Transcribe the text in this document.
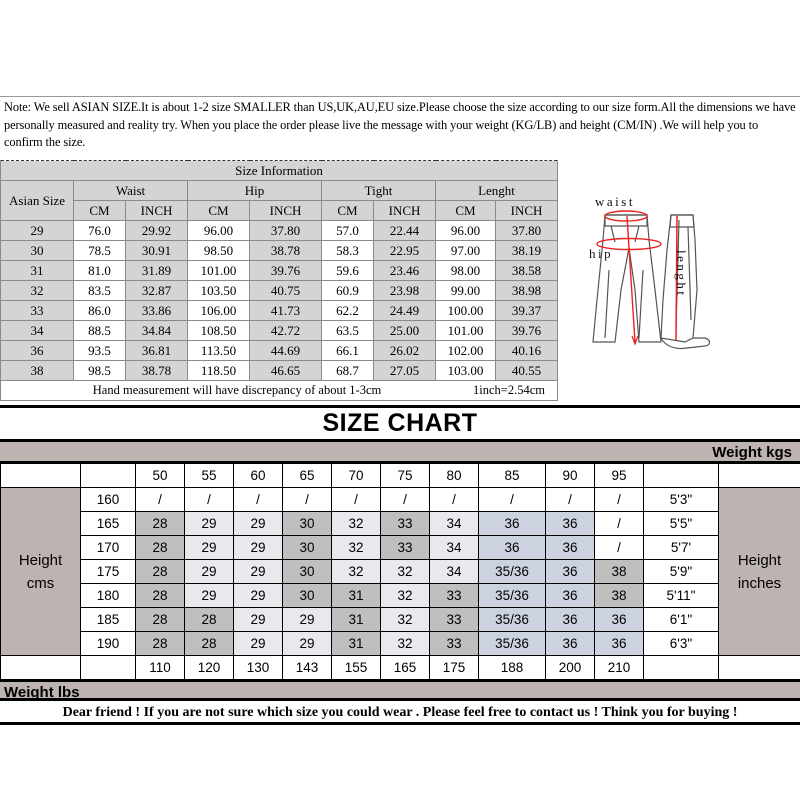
Note: We sell ASIAN SIZE.It is about 1-2 size SMALLER than US,UK,AU,EU size.Please choose the size according to our size form.All the dimensions we have personally measured and reality try. When you place the order please live the message with your weight (KG/LB) and height (CM/IN) .We will help you to confirm the size.
Size Information								
Asian Size	Waist		Hip		Tight		Lenght	
	CM	INCH	CM	INCH	CM	INCH	CM	INCH
29	76.0	29.92	96.00	37.80	57.0	22.44	96.00	37.80
30	78.5	30.91	98.50	38.78	58.3	22.95	97.00	38.19
31	81.0	31.89	101.00	39.76	59.6	23.46	98.00	38.58
32	83.5	32.87	103.50	40.75	60.9	23.98	99.00	38.98
33	86.0	33.86	106.00	41.73	62.2	24.49	100.00	39.37
34	88.5	34.84	108.50	42.72	63.5	25.00	101.00	39.76
36	93.5	36.81	113.50	44.69	66.1	26.02	102.00	40.16
38	98.5	38.78	118.50	46.65	68.7	27.05	103.00	40.55
Hand measurement will have discrepancy of about 1-3cm 1inch=2.54cm								
waist
hip	lenght
SIZE CHART
Weight kgs
		50	55	60	65	70	75	80	85	90	95		
Height
cms	160	/	/	/	/	/	/	/	/	/	/	5'3"	Height
inches
	165	28	29	29	30	32	33	34	36	36	/	5'5"	
	170	28	29	29	30	32	33	34	36	36	/	5'7'	
	175	28	29	29	30	32	32	34	35/36	36	38	5'9"	
	180	28	29	29	30	31	32	33	35/36	36	38	5'11"	
	185	28	28	29	29	31	32	33	35/36	36	36	6'1"	
	190	28	28	29	29	31	32	33	35/36	36	36	6'3"	
		110	120	130	143	155	165	175	188	200	210		
Weight lbs
Dear friend ! If you are not sure which size you could wear . Please feel free to contact us ! Think you for buying !
